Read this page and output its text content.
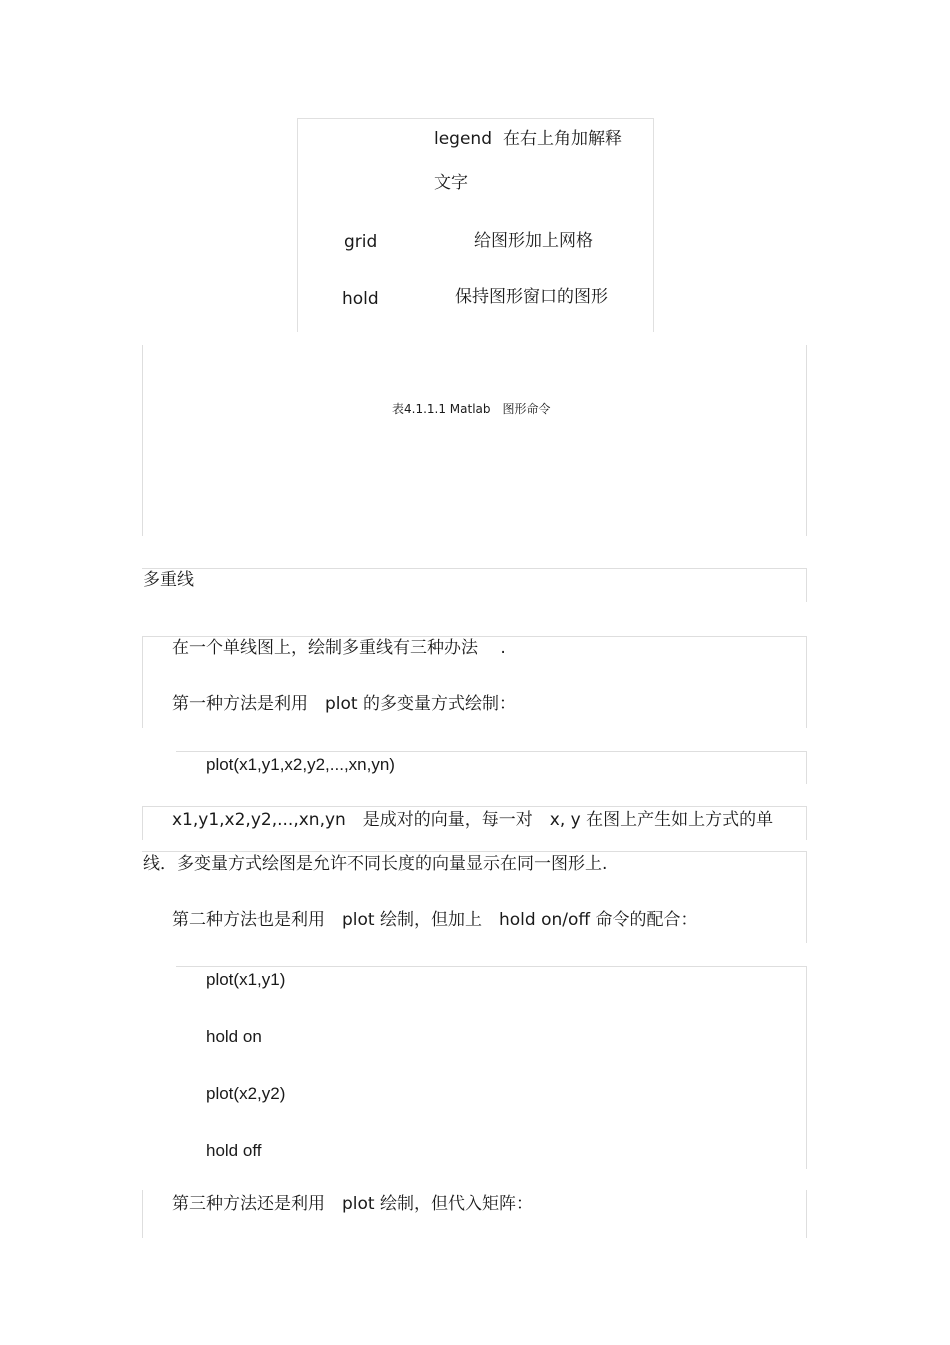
legend 在右上角加解释
文字
grid	给图形加上网格
hold	保持图形窗口的图形
表4.1.1.1 Matlab　图形命令
多重线
在一个单线图上，绘制多重线有三种办法　 .
第一种方法是利用　plot 的多变量方式绘制：
plot(x1,y1,x2,y2,...,xn,yn)
x1,y1,x2,y2,...,xn,yn　是成对的向量，每一对　x, y 在图上产生如上方式的单
线．多变量方式绘图是允许不同长度的向量显示在同一图形上.
第二种方法也是利用　plot 绘制，但加上　hold on/off 命令的配合：
plot(x1,y1)
hold on
plot(x2,y2)
hold off
第三种方法还是利用　plot 绘制，但代入矩阵：
